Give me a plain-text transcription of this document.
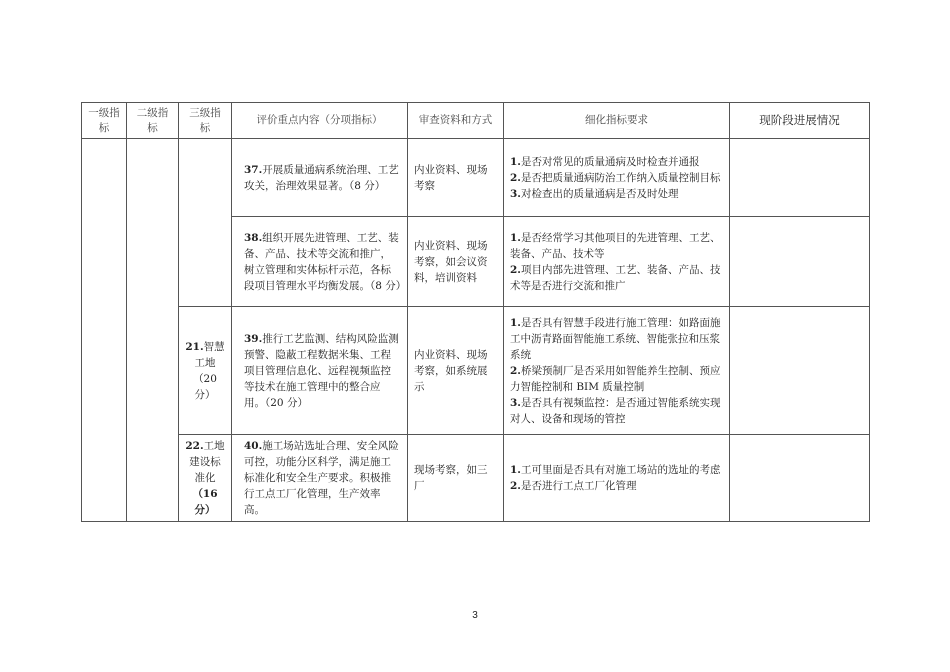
一级指标	二级指标	三级指标	评价重点内容（分项指标）	审查资料和方式	细化指标要求	现阶段进展情况
			37.开展质量通病系统治理、工艺攻关，治理效果显著。（8 分）	内业资料、现场考察	1.是否对常见的质量通病及时检查并通报
2.是否把质量通病防治工作纳入质量控制目标
3.对检查出的质量通病是否及时处理	

			38.组织开展先进管理、工艺、装备、产品、技术等交流和推广，树立管理和实体标杆示范，各标段项目管理水平均衡发展。（8 分）	内业资料、现场考察，如会议资料，培训资料	1.是否经常学习其他项目的先进管理、工艺、装备、产品、技术等
2.项目内部先进管理、工艺、装备、产品、技术等是否进行交流和推广	

		21.智慧工地
（20 分）	39.推行工艺监测、结构风险监测预警、隐蔽工程数据米集、工程项目管理信息化、远程视频监控等技术在施工管理中的整合应用。（20 分）	内业资料、现场考察，如系统展示	1.是否具有智慧手段进行施工管理：如路面施工中沥青路面智能施工系统、智能张拉和压浆系统
2.桥梁预制厂是否采用如智能养生控制、预应力智能控制和 BIM 质量控制
3.是否具有视频监控：是否通过智能系统实现对人、设备和现场的管控	

		22.工地建设标准化
（16 分）	40.施工场站选址合理、安全风险可控，功能分区科学，满足施工标准化和安全生产要求。积极推行工点工厂化管理，生产效率高。	现场考察，如三厂	1.工可里面是否具有对施工场站的选址的考虑
2.是否进行工点工厂化管理	

3
